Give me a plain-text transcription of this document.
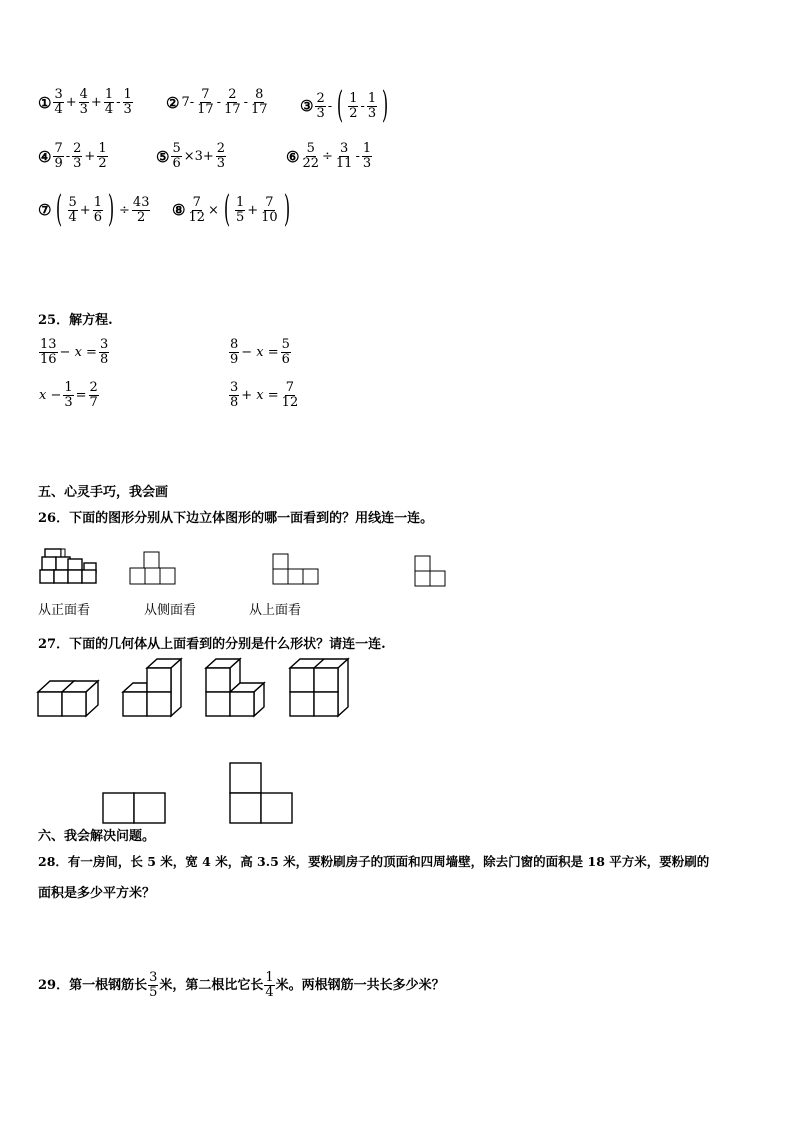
① $\frac{3}{4} + \frac{4}{3} + \frac{1}{4} - \frac{1}{3}$ ② $7- \frac{7}{17} - \frac{2}{17} - \frac{8}{17}$ ③ $\frac{2}{3}$ - ( $\frac{1}{2} - \frac{1}{3}$ )
④ $\frac{7}{9} - \frac{2}{3} + \frac{1}{2}$	⑤ $\frac{5}{6} \times 3+ \frac{2}{3}$	⑥ $\frac{5}{22} \div \frac{3}{11} - \frac{1}{3}$
⑦ ( $\frac{5}{4} + \frac{1}{6}$ ) ÷ $\frac{43}{2}$ ⑧ $\frac{7}{12}$ × ( $\frac{1}{5} + \frac{7}{10}$ )
25．解方程.
$\frac{13}{16} - x = \frac{3}{8}$	$\frac{8}{9} - x = \frac{5}{6}$
$x - \frac{1}{3} = \frac{2}{7}$	$\frac{3}{8} + x = \frac{7}{12}$
五、心灵手巧，我会画
26．下面的图形分别从下边立体图形的哪一面看到的？用线连一连。
从正面看	从侧面看	从上面看
27．下面的几何体从上面看到的分别是什么形状？请连一连.
六、我会解决问题。
28．有一房间，长 5 米，宽 4 米，高 3.5 米，要粉刷房子的顶面和四周墙壁，除去门窗的面积是 18 平方米，要粉刷的
面积是多少平方米？
29．第一根钢筋长 $\frac{3}{5}$ 米，第二根比它长 $\frac{1}{4}$ 米。两根钢筋一共长多少米？
